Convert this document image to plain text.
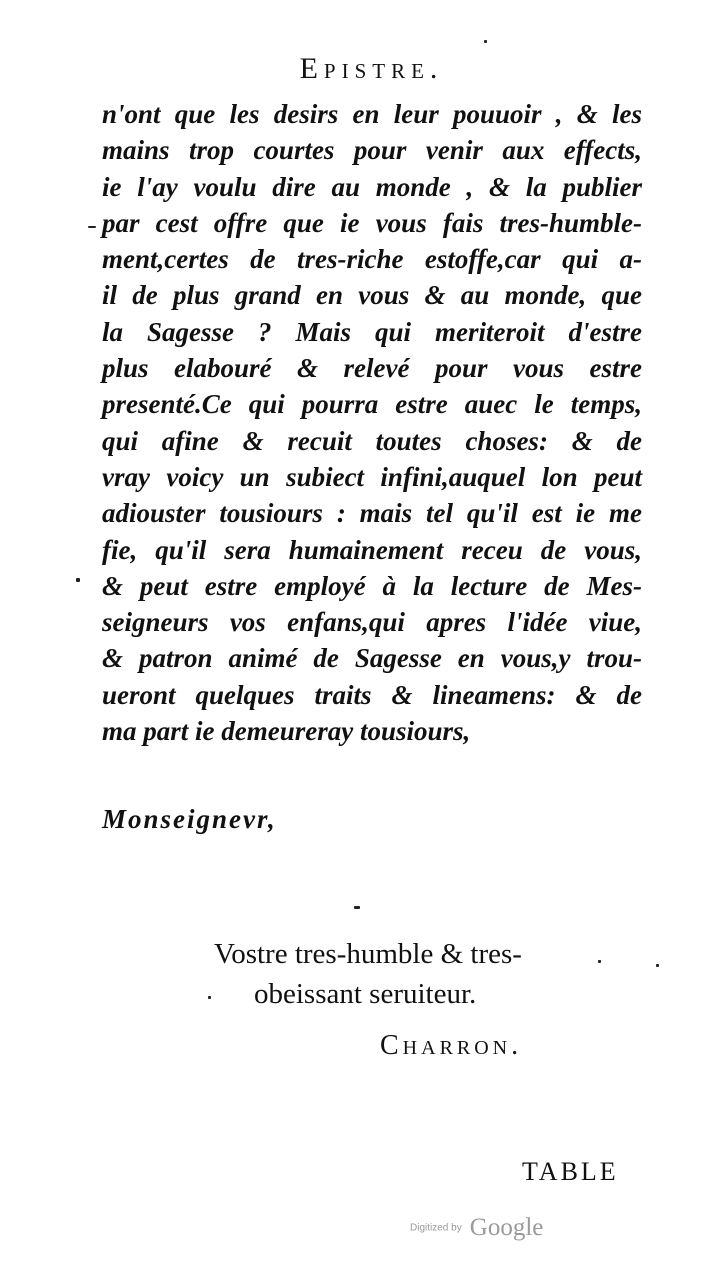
Epistre.
n'ont que les desirs en leur pouuoir , & les
mains trop courtes pour venir aux effects,
ie l'ay voulu dire au monde , & la publier
par cest offre que ie vous fais tres-humble-
ment,certes de tres-riche estoffe,car qui a-
il de plus grand en vous & au monde, que
la Sagesse ? Mais qui meriteroit d'estre
plus elabouré & relevé pour vous estre
presenté.Ce qui pourra estre auec le temps,
qui afine & recuit toutes choses: & de
vray voicy un subiect infini,auquel lon peut
adiouster tousiours : mais tel qu'il est ie me
fie, qu'il sera humainement receu de vous,
& peut estre employé à la lecture de Mes-
seigneurs vos enfans,qui apres l'idée viue,
& patron animé de Sagesse en vous,y trou-
ueront quelques traits & lineamens: & de
ma part ie demeureray tousiours,
Monseignevr,
Vostre tres-humble & tres-
obeissant seruiteur.
Charron.
TABLE
Digitized by Google
